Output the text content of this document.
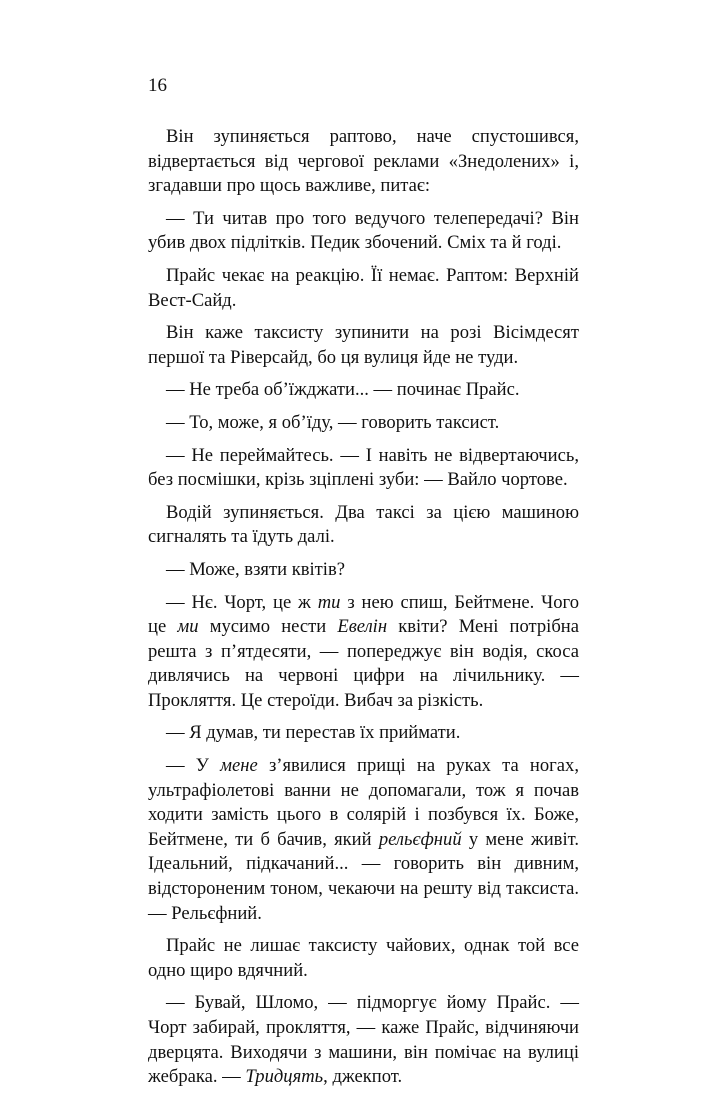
16

Він зупиняється раптово, наче спустошився, відвертається від чергової реклами «Знедолених» і, згадавши про щось важливе, питає:

— Ти читав про того ведучого телепередачі? Він убив двох підлітків. Педик збочений. Сміх та й годі.

Прайс чекає на реакцію. Її немає. Раптом: Верхній Вест-Сайд.

Він каже таксисту зупинити на розі Вісімдесят першої та Ріверсайд, бо ця вулиця йде не туди.

— Не треба об’їжджати... — починає Прайс.

— То, може, я об’їду, — говорить таксист.

— Не переймайтесь. — І навіть не відвертаючись, без посмішки, крізь зціплені зуби: — Вайло чортове.

Водій зупиняється. Два таксі за цією машиною сигналять та їдуть далі.

— Може, взяти квітів?

— Нє. Чорт, це ж ти з нею спиш, Бейтмене. Чого це ми мусимо нести Евелін квіти? Мені потрібна решта з п’ятдесяти, — попереджує він водія, скоса дивлячись на червоні цифри на лічильнику. — Прокляття. Це стероїди. Вибач за різкість.

— Я думав, ти перестав їх приймати.

— У мене з’явилися прищі на руках та ногах, ультрафіолетові ванни не допомагали, тож я почав ходити замість цього в солярій і позбувся їх. Боже, Бейтмене, ти б бачив, який рельєфний у мене живіт. Ідеальний, підкачаний... — говорить він дивним, відстороненим тоном, чекаючи на решту від таксиста. — Рельєфний.

Прайс не лишає таксисту чайових, однак той все одно щиро вдячний.

— Бувай, Шломо, — підморгує йому Прайс. — Чорт забирай, прокляття, — каже Прайс, відчиняючи дверцята. Виходячи з машини, він помічає на вулиці жебрака. — Тридцять, джекпот.
